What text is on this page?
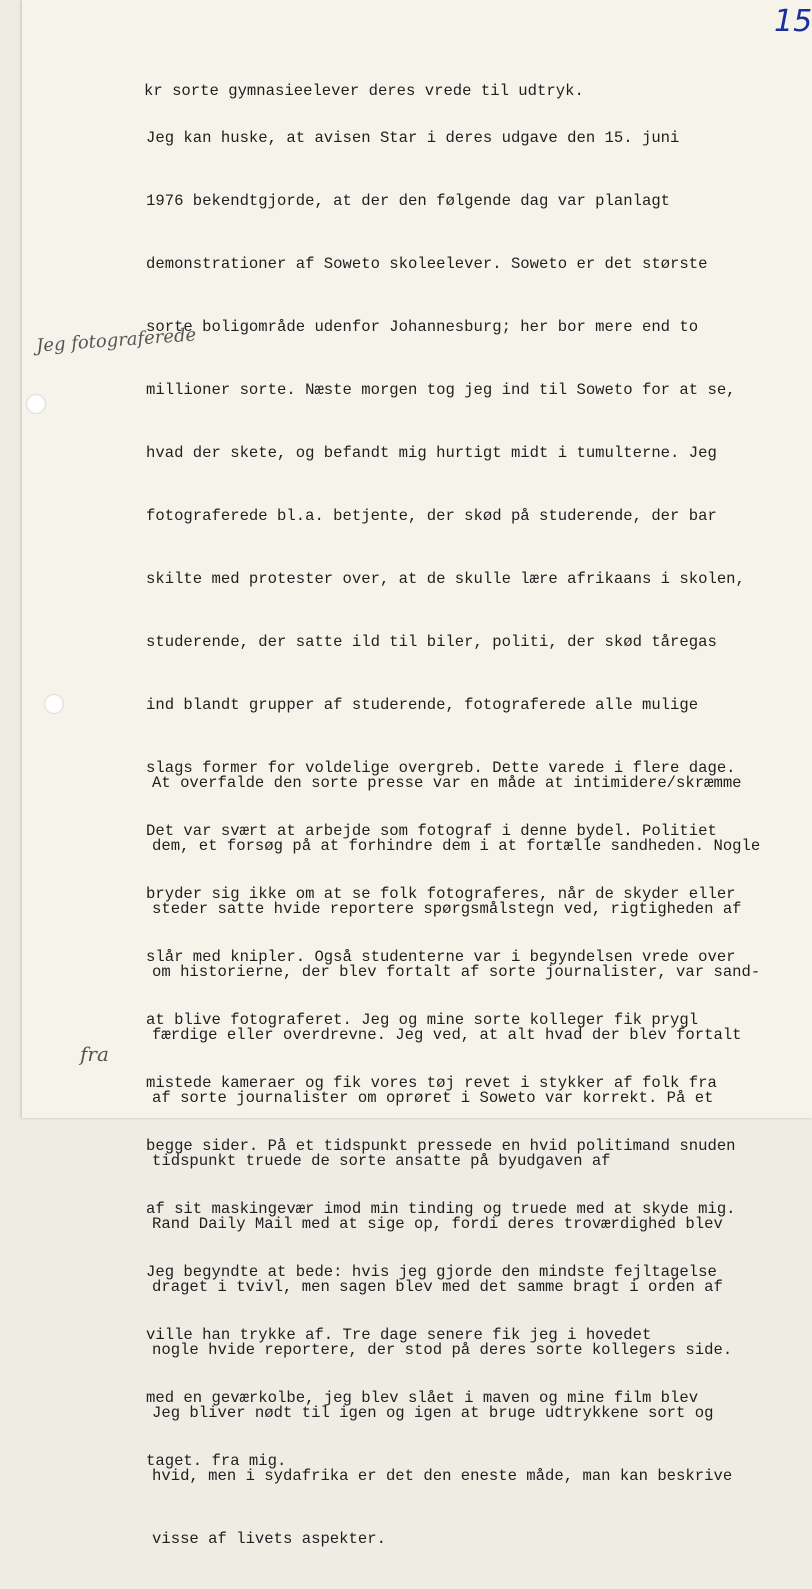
15

kr sorte gymnasieelever deres vrede til udtryk.

Jeg kan huske, at avisen Star i deres udgave den 15. juni

1976 bekendtgjorde, at der den følgende dag var planlagt

demonstrationer af Soweto skoleelever. Soweto er det største

sorte boligområde udenfor Johannesburg; her bor mere end to

millioner sorte. Næste morgen tog jeg ind til Soweto for at se,

hvad der skete, og befandt mig hurtigt midt i tumulterne. Jeg

fotograferede bl.a. betjente, der skød på studerende, der bar

skilte med protester over, at de skulle lære afrikaans i skolen,

studerende, der satte ild til biler, politi, der skød tåregas

ind blandt grupper af studerende, fotograferede alle mulige

slags former for voldelige overgreb. Dette varede i flere dage.

Det var svært at arbejde som fotograf i denne bydel. Politiet

bryder sig ikke om at se folk fotograferes, når de skyder eller

slår med knipler. Også studenterne var i begyndelsen vrede over

at blive fotograferet. Jeg og mine sorte kolleger fik prygl

mistede kameraer og fik vores tøj revet i stykker af folk fra

begge sider. På et tidspunkt pressede en hvid politimand snuden

af sit maskingevær imod min tinding og truede med at skyde mig.

Jeg begyndte at bede: hvis jeg gjorde den mindste fejltagelse

ville han trykke af. Tre dage senere fik jeg i hovedet

med en geværkolbe, jeg blev slået i maven og mine film blev

taget. fra mig.

At overfalde den sorte presse var en måde at intimidere/skræmme

dem, et forsøg på at forhindre dem i at fortælle sandheden. Nogle

steder satte hvide reportere spørgsmålstegn ved, rigtigheden af

om historierne, der blev fortalt af sorte journalister, var sand-

færdige eller overdrevne. Jeg ved, at alt hvad der blev fortalt

af sorte journalister om oprøret i Soweto var korrekt. På et

tidspunkt truede de sorte ansatte på byudgaven af

Rand Daily Mail med at sige op, fordi deres troværdighed blev

draget i tvivl, men sagen blev med det samme bragt i orden af

nogle hvide reportere, der stod på deres sorte kollegers side.

Jeg bliver nødt til igen og igen at bruge udtrykkene sort og

hvid, men i sydafrika er det den eneste måde, man kan beskrive

visse af livets aspekter.

Jeg fotograferede
fra
